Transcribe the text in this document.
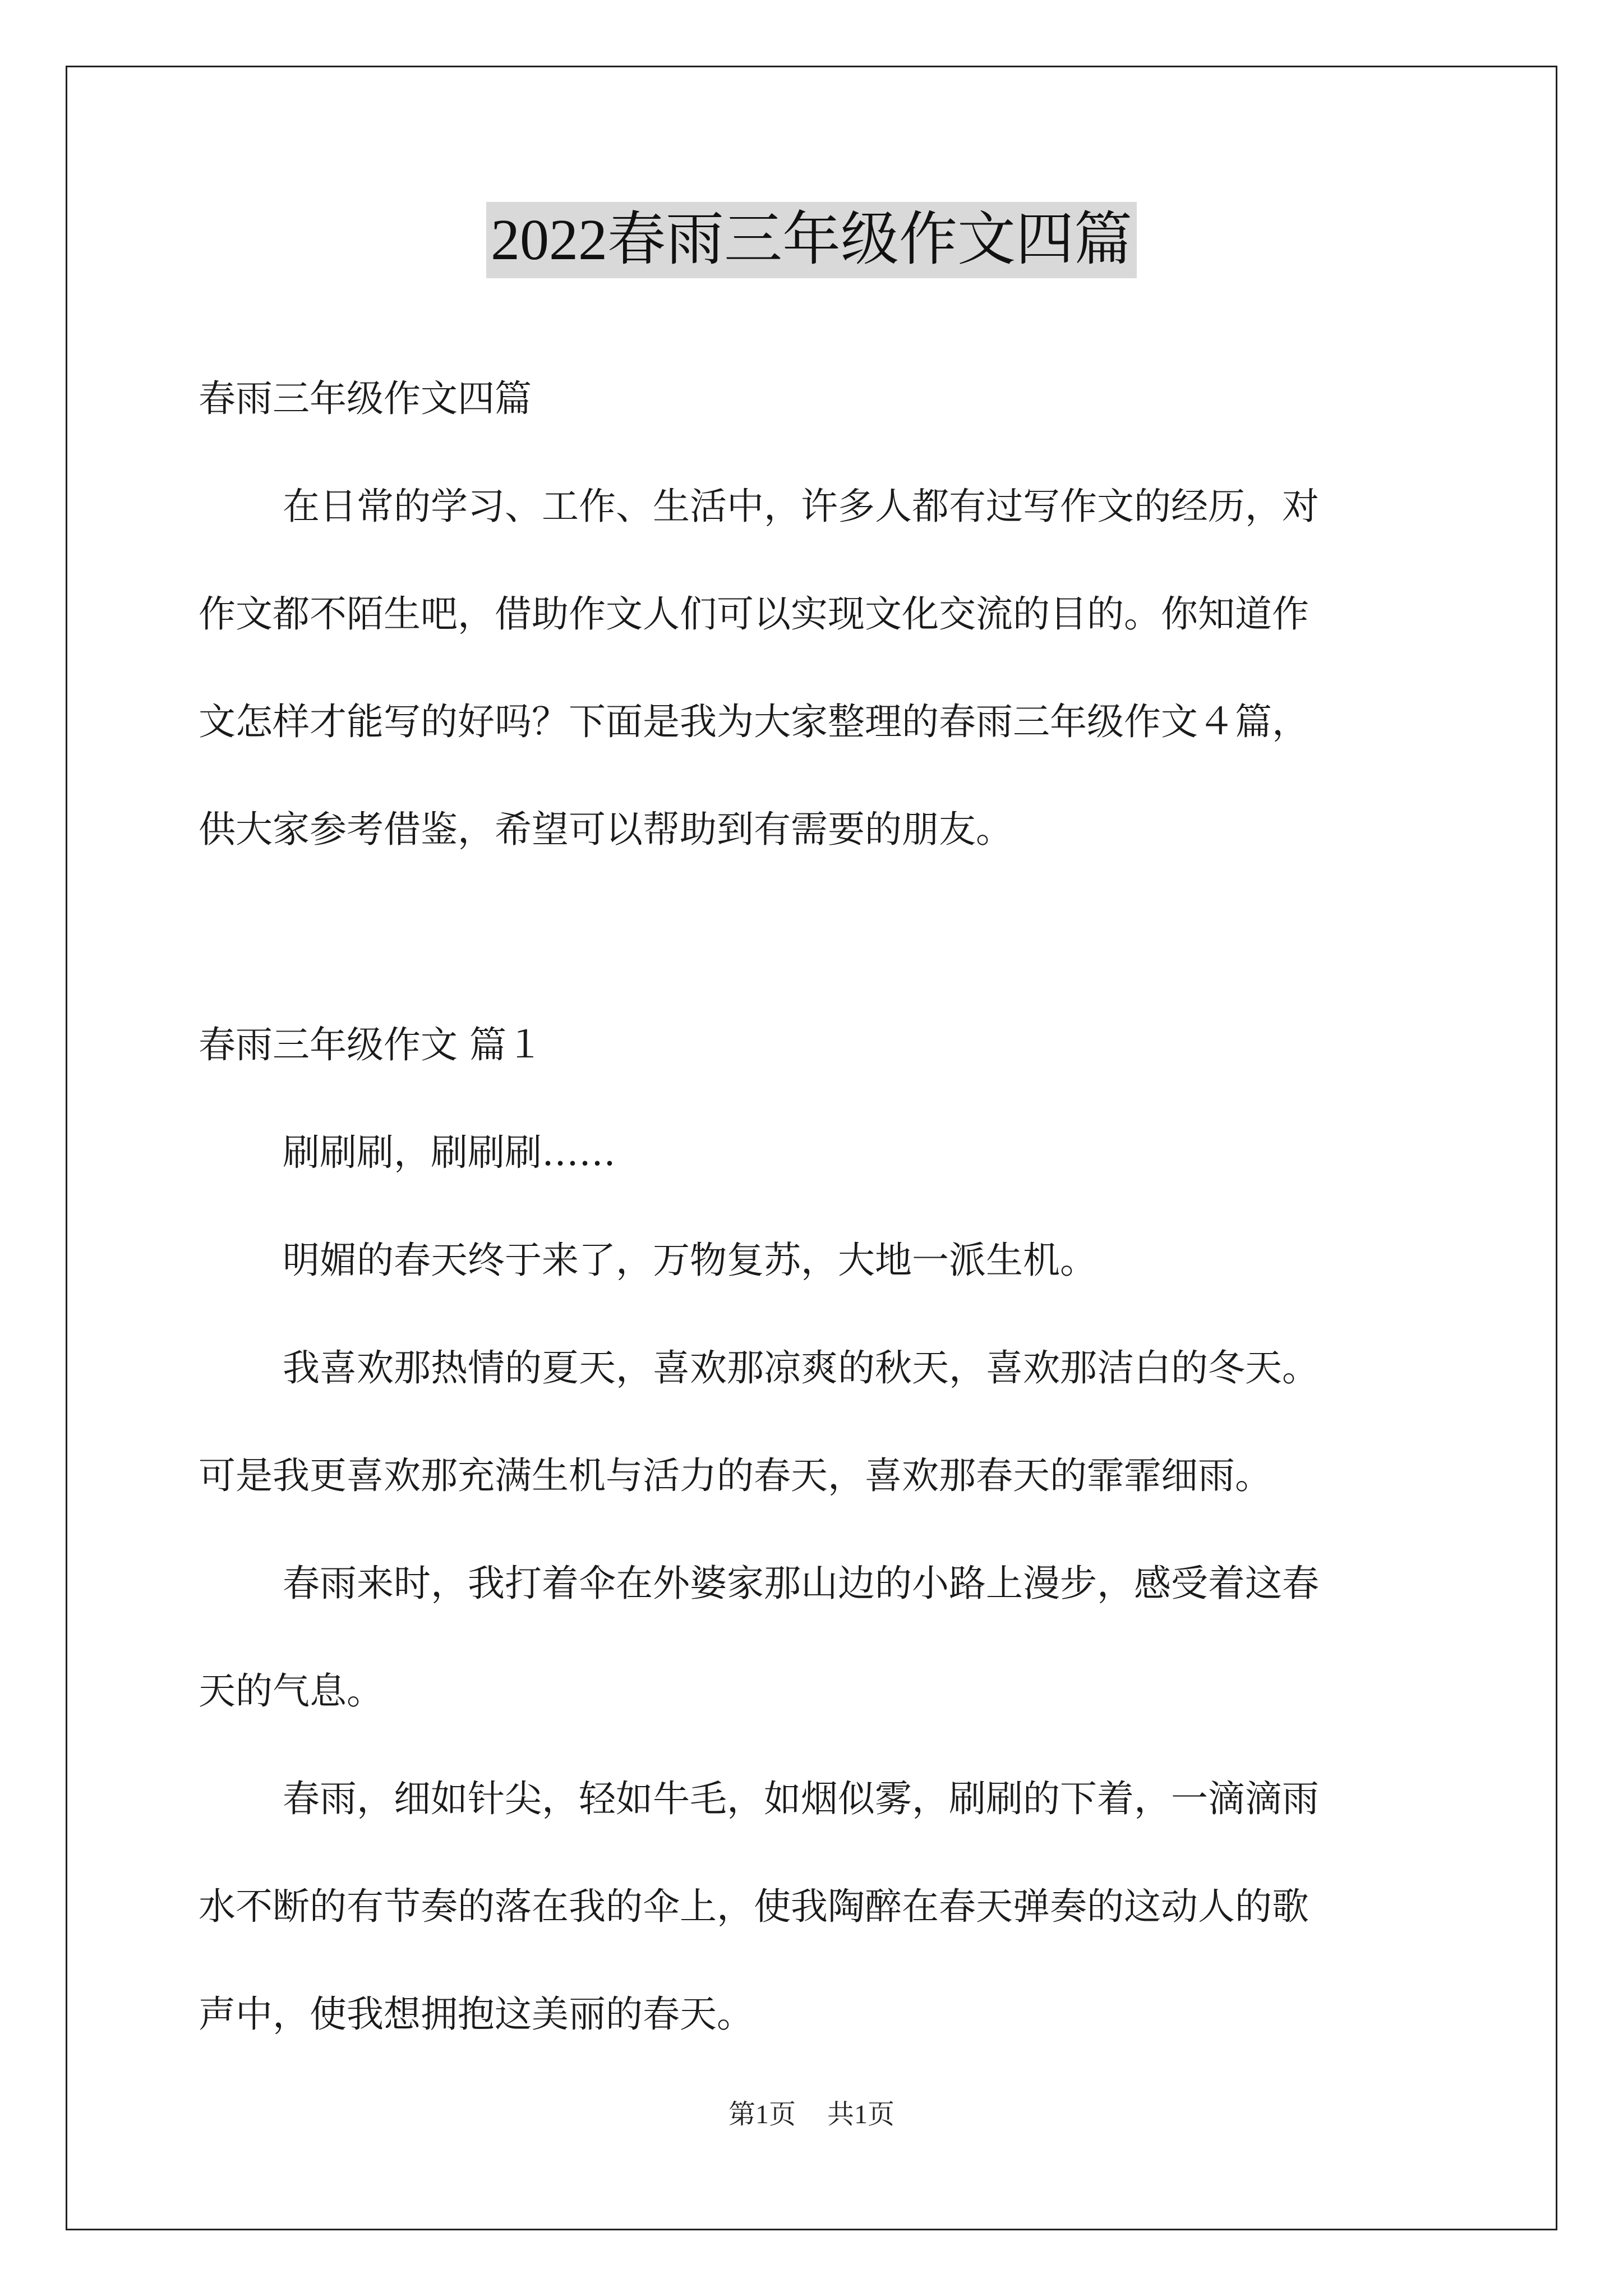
2022春雨三年级作文四篇
春雨三年级作文四篇
在日常的学习、工作、生活中，许多人都有过写作文的经历，对
作文都不陌生吧，借助作文人们可以实现文化交流的目的。你知道作
文怎样才能写的好吗？下面是我为大家整理的春雨三年级作文４篇，
供大家参考借鉴，希望可以帮助到有需要的朋友。
春雨三年级作文 篇１
刷刷刷，刷刷刷……
明媚的春天终于来了，万物复苏，大地一派生机。
我喜欢那热情的夏天，喜欢那凉爽的秋天，喜欢那洁白的冬天。
可是我更喜欢那充满生机与活力的春天，喜欢那春天的霏霏细雨。
春雨来时，我打着伞在外婆家那山边的小路上漫步，感受着这春
天的气息。
春雨，细如针尖，轻如牛毛，如烟似雾，刷刷的下着，一滴滴雨
水不断的有节奏的落在我的伞上，使我陶醉在春天弹奏的这动人的歌
声中，使我想拥抱这美丽的春天。
第1页 共1页
